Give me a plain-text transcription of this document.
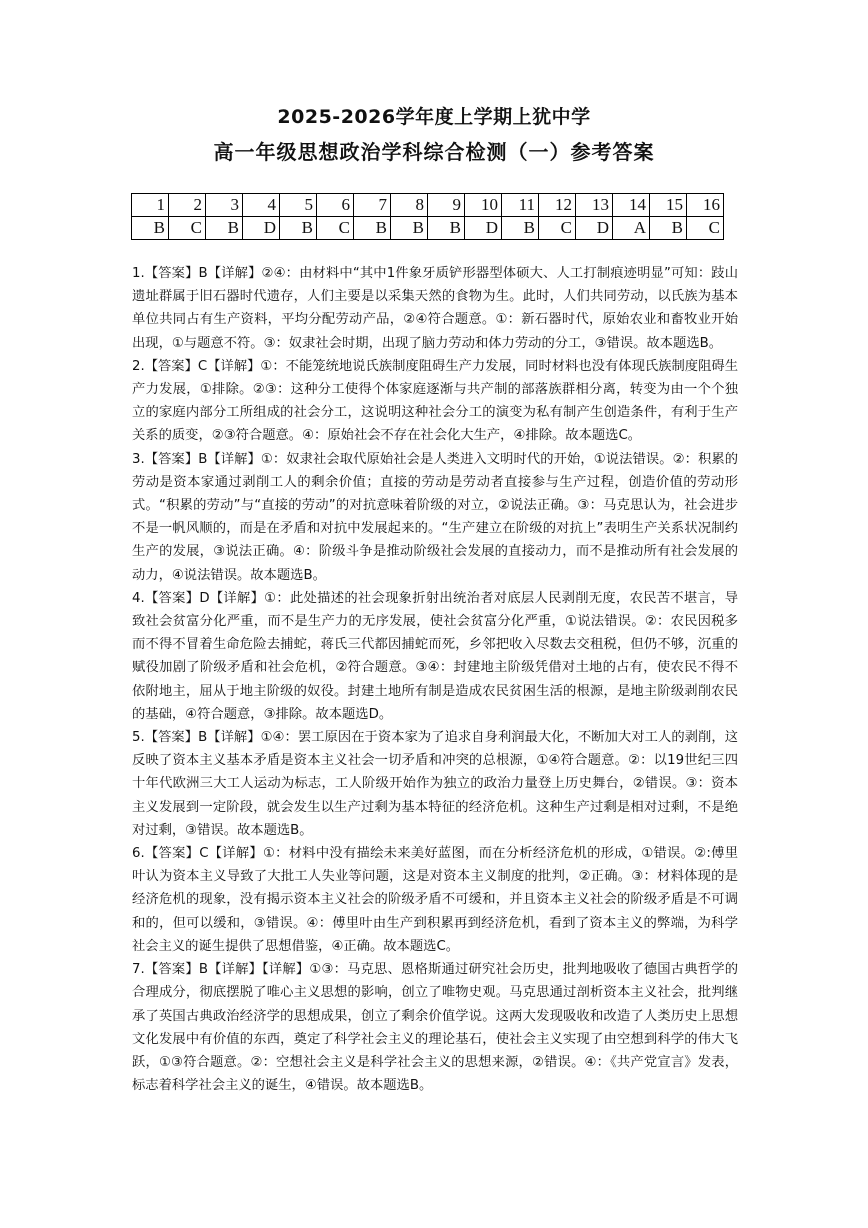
2025-2026学年度上学期上犹中学
高一年级思想政治学科综合检测（一）参考答案
1	2	3	4	5	6	7	8	9	10	11	12	13	14	15	16
B	C	B	D	B	C	B	B	B	D	B	C	D	A	B	C

1.【答案】B【详解】②④：由材料中“其中1件象牙质铲形器型体硕大、人工打制痕迹明显”可知：跂山遗址群属于旧石器时代遗存，人们主要是以采集天然的食物为生。此时，人们共同劳动，以氏族为基本单位共同占有生产资料，平均分配劳动产品，②④符合题意。①：新石器时代，原始农业和畜牧业开始出现，①与题意不符。③：奴隶社会时期，出现了脑力劳动和体力劳动的分工，③错误。故本题选B。

2.【答案】C【详解】①：不能笼统地说氏族制度阻碍生产力发展，同时材料也没有体现氏族制度阻碍生产力发展，①排除。②③：这种分工使得个体家庭逐渐与共产制的部落族群相分离，转变为由一个个独立的家庭内部分工所组成的社会分工，这说明这种社会分工的演变为私有制产生创造条件，有利于生产关系的质变，②③符合题意。④：原始社会不存在社会化大生产，④排除。故本题选C。

3.【答案】B【详解】①：奴隶社会取代原始社会是人类进入文明时代的开始，①说法错误。②：积累的劳动是资本家通过剥削工人的剩余价值；直接的劳动是劳动者直接参与生产过程，创造价值的劳动形式。“积累的劳动”与“直接的劳动”的对抗意味着阶级的对立，②说法正确。③：马克思认为，社会进步不是一帆风顺的，而是在矛盾和对抗中发展起来的。“生产建立在阶级的对抗上”表明生产关系状况制约生产的发展，③说法正确。④：阶级斗争是推动阶级社会发展的直接动力，而不是推动所有社会发展的动力，④说法错误。故本题选B。

4.【答案】D【详解】①：此处描述的社会现象折射出统治者对底层人民剥削无度，农民苦不堪言，导致社会贫富分化严重，而不是生产力的无序发展，使社会贫富分化严重，①说法错误。②：农民因税多而不得不冒着生命危险去捕蛇，蒋氏三代都因捕蛇而死，乡邻把收入尽数去交租税，但仍不够，沉重的赋役加剧了阶级矛盾和社会危机，②符合题意。③④：封建地主阶级凭借对土地的占有，使农民不得不依附地主，屈从于地主阶级的奴役。封建土地所有制是造成农民贫困生活的根源，是地主阶级剥削农民的基础，④符合题意，③排除。故本题选D。

5.【答案】B【详解】①④：罢工原因在于资本家为了追求自身利润最大化，不断加大对工人的剥削，这反映了资本主义基本矛盾是资本主义社会一切矛盾和冲突的总根源，①④符合题意。②：以19世纪三四十年代欧洲三大工人运动为标志，工人阶级开始作为独立的政治力量登上历史舞台，②错误。③：资本主义发展到一定阶段，就会发生以生产过剩为基本特征的经济危机。这种生产过剩是相对过剩，不是绝对过剩，③错误。故本题选B。

6.【答案】C【详解】①：材料中没有描绘未来美好蓝图，而在分析经济危机的形成，①错误。②:傅里叶认为资本主义导致了大批工人失业等问题，这是对资本主义制度的批判，②正确。③：材料体现的是经济危机的现象，没有揭示资本主义社会的阶级矛盾不可缓和，并且资本主义社会的阶级矛盾是不可调和的，但可以缓和，③错误。④：傅里叶由生产到积累再到经济危机，看到了资本主义的弊端，为科学社会主义的诞生提供了思想借鉴，④正确。故本题选C。

7.【答案】B【详解】【详解】①③：马克思、恩格斯通过研究社会历史，批判地吸收了德国古典哲学的合理成分，彻底摆脱了唯心主义思想的影响，创立了唯物史观。马克思通过剖析资本主义社会，批判继承了英国古典政治经济学的思想成果，创立了剩余价值学说。这两大发现吸收和改造了人类历史上思想文化发展中有价值的东西，奠定了科学社会主义的理论基石，使社会主义实现了由空想到科学的伟大飞跃，①③符合题意。②：空想社会主义是科学社会主义的思想来源，②错误。④：《共产党宣言》发表，标志着科学社会主义的诞生，④错误。故本题选B。
